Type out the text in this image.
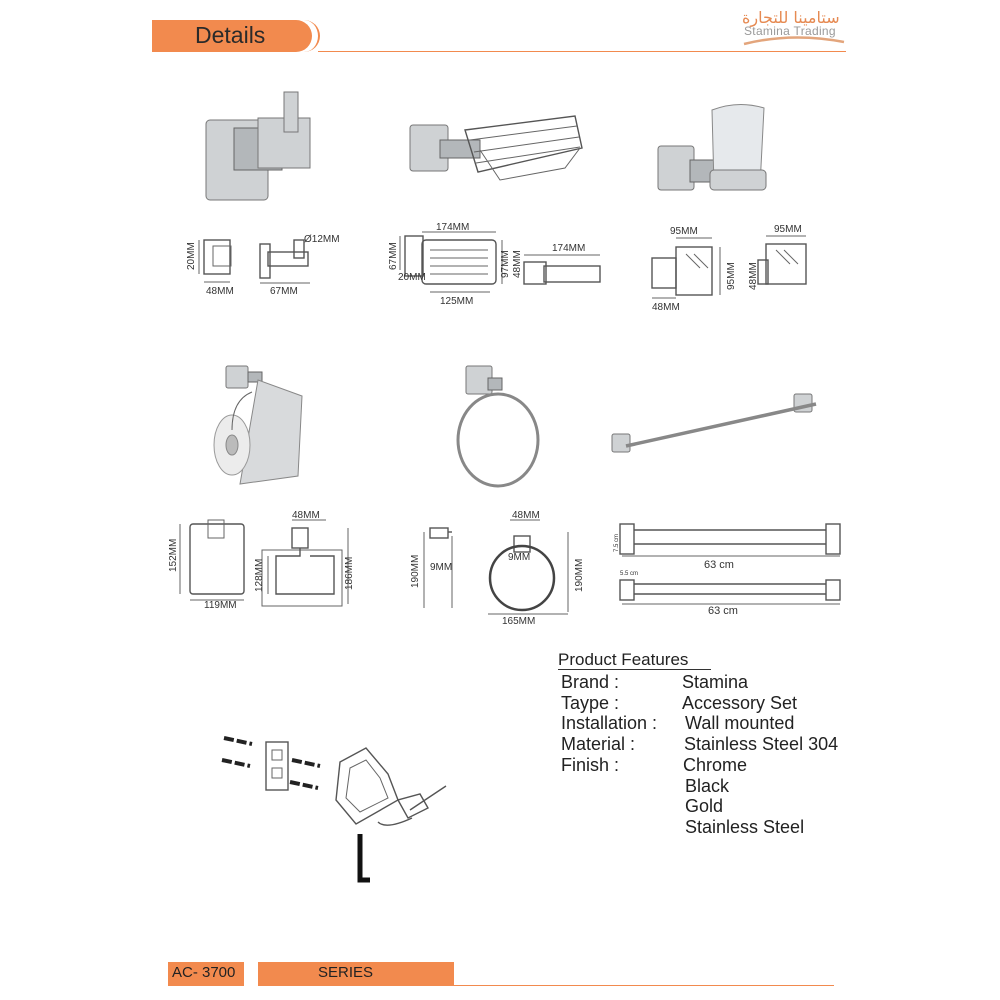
Details
ستامينا للتجارة
Stamina Trading
20MM
48MM
Ø12MM
67MM
174MM
67MM
20MM
125MM
97MM 48MM
174MM
95MM
95MM
48MM
95MM
48MM
152MM
119MM
48MM
128MM	186MM	190MM 9MM
48MM
9MM
190MM
165MM
7.5 cm
63 cm
5.5 cm
63 cm
Product Features
Brand :	Stamina
Taype :	Accessory Set
Installation : Wall mounted
Material :	Stainless Steel 304
Finish :	Chrome
Black
Gold
Stainless Steel
AC- 3700	SERIES
